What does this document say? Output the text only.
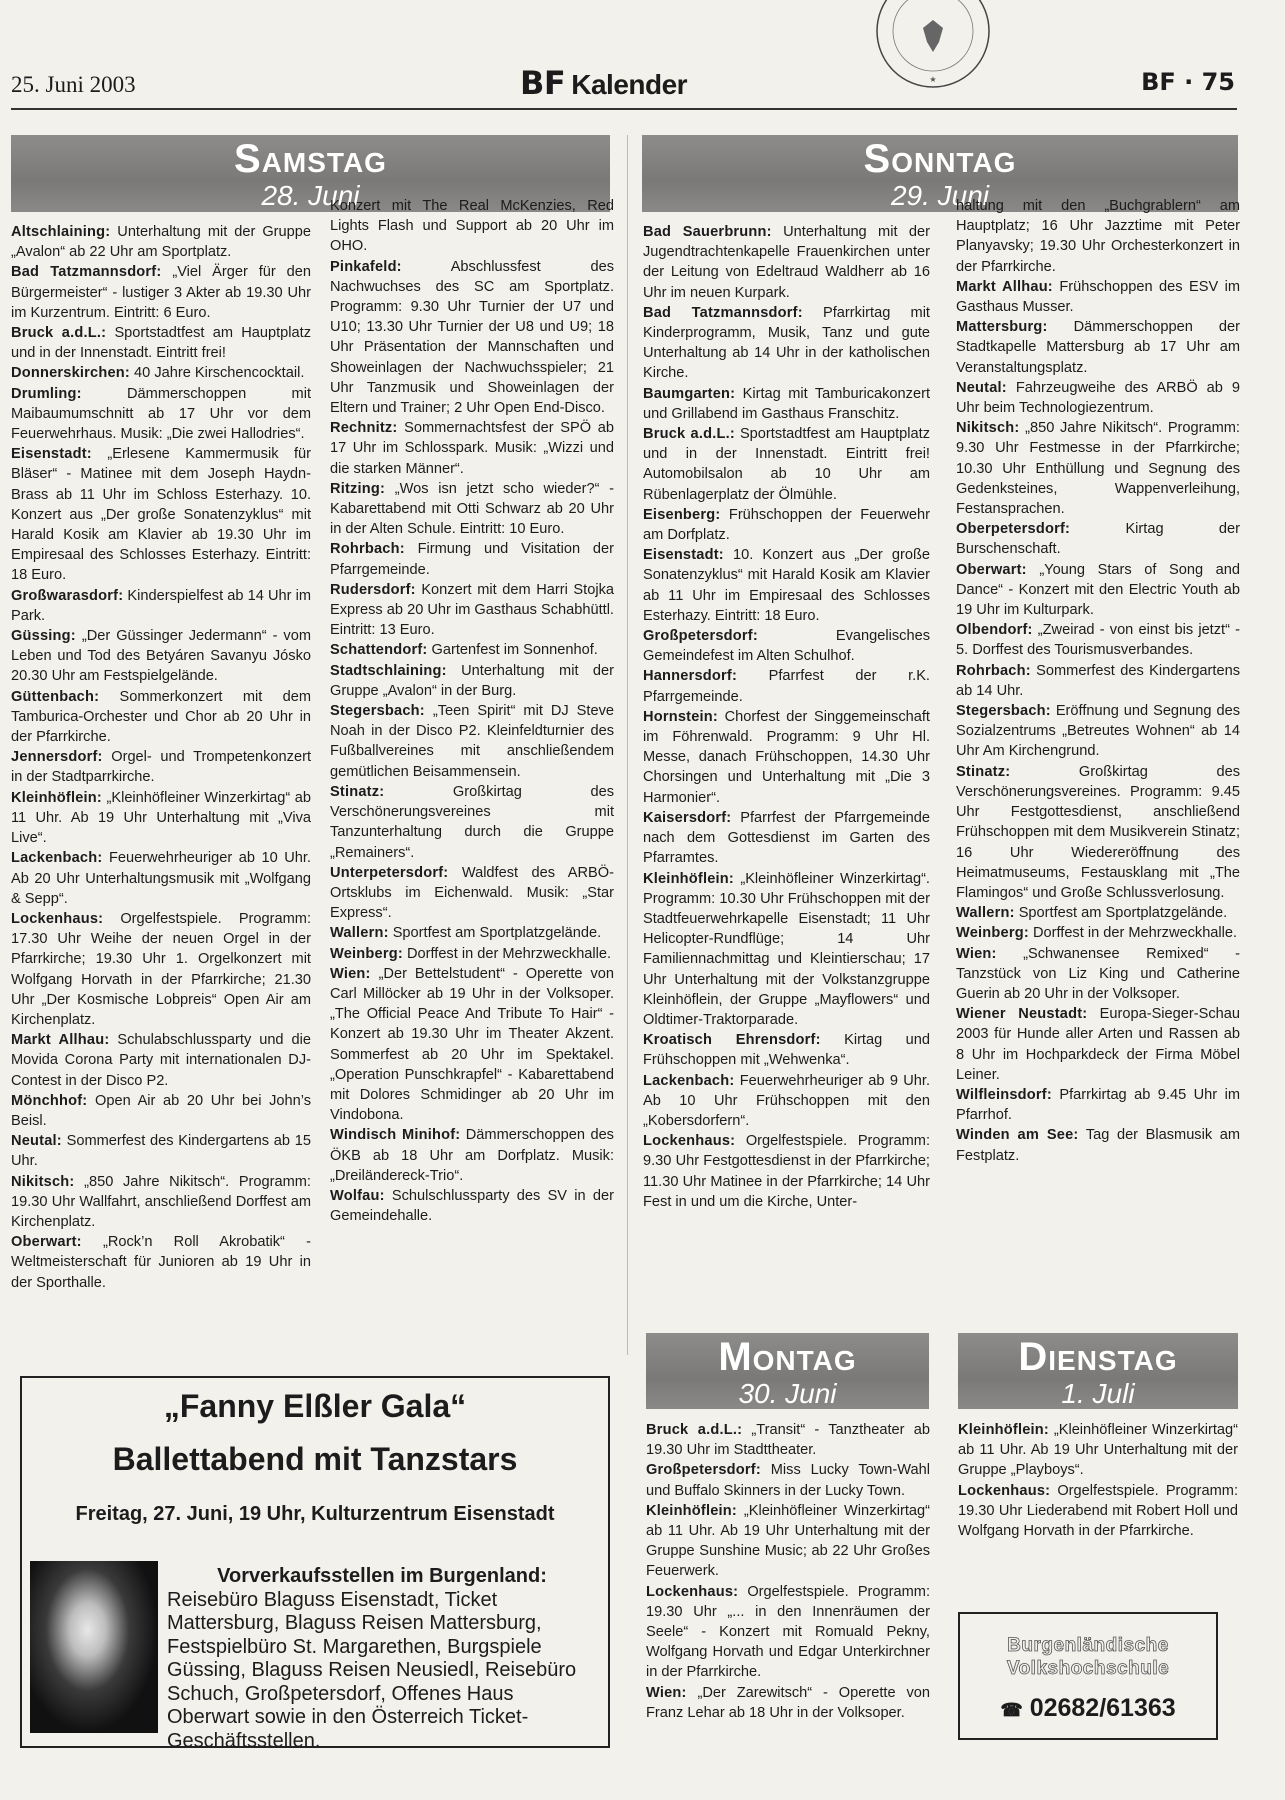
25. Juni 2003	BF Kalender	BF · 75
★
Samstag
28. Juni
Sonntag
29. Juni
Montag
30. Juni
Dienstag
1. Juli

Altschlaining: Unterhaltung mit der Gruppe „Avalon“ ab 22 Uhr am Sportplatz.

Bad Tatzmannsdorf: „Viel Ärger für den Bürgermeister“ - lustiger 3 Akter ab 19.30 Uhr im Kurzentrum. Eintritt: 6 Euro.

Bruck a.d.L.: Sportstadtfest am Hauptplatz und in der Innenstadt. Eintritt frei!

Donnerskirchen: 40 Jahre Kirschencocktail.

Drumling:	Dämmerschoppen mit Maibaumumschnitt ab 17 Uhr vor dem Feuerwehrhaus. Musik: „Die zwei Hallodries“.

Eisenstadt: „Erlesene Kammermusik für Bläser“ - Matinee mit dem Joseph Haydn-Brass ab 11 Uhr im Schloss Esterhazy. 10. Konzert aus „Der große Sonatenzyklus“ mit Harald Kosik am Klavier ab 19.30 Uhr im Empiresaal des Schlosses Esterhazy. Eintritt: 18 Euro.

Großwarasdorf: Kinderspielfest ab 14 Uhr im Park.

Güssing: „Der Güssinger Jedermann“ - vom Leben und Tod des Betyáren Savanyu Jósko 20.30 Uhr am Festspielgelände.

Güttenbach: Sommerkonzert mit dem Tamburica-Orchester und Chor ab 20 Uhr in der Pfarrkirche.

Jennersdorf: Orgel- und Trompetenkonzert in der Stadtparrkirche.

Kleinhöflein: „Kleinhöfleiner Winzerkirtag“ ab 11 Uhr. Ab 19 Uhr Unterhaltung mit „Viva Live“.

Lackenbach: Feuerwehrheuriger ab 10 Uhr. Ab 20 Uhr Unterhaltungsmusik mit „Wolfgang & Sepp“.

Lockenhaus: Orgelfestspiele. Programm: 17.30 Uhr Weihe der neuen Orgel in der Pfarrkirche; 19.30 Uhr 1. Orgelkonzert mit Wolfgang Horvath in der Pfarrkirche; 21.30 Uhr „Der Kosmische Lobpreis“ Open Air am Kirchenplatz.

Markt Allhau: Schulabschlussparty und die Movida Corona Party mit internationalen DJ-Contest in der Disco P2.

Mönchhof: Open Air ab 20 Uhr bei John’s Beisl.

Neutal: Sommerfest des Kindergartens ab 15 Uhr.

Nikitsch: „850 Jahre Nikitsch“. Programm: 19.30 Uhr Wallfahrt, anschließend Dorffest am Kirchenplatz.

Oberwart: „Rock’n Roll Akrobatik“ - Weltmeisterschaft für Junioren ab 19 Uhr in der Sporthalle.

Konzert mit The Real McKenzies, Red Lights Flash und Support ab 20 Uhr im OHO.

Pinkafeld:	Abschlussfest des Nachwuchses des SC am Sportplatz. Programm: 9.30 Uhr Turnier der U7 und U10; 13.30 Uhr Turnier der U8 und U9; 18 Uhr Präsentation der Mannschaften und Showeinlagen der Nachwuchsspieler; 21 Uhr Tanzmusik und Showeinlagen der Eltern und Trainer; 2 Uhr Open End-Disco.

Rechnitz: Sommernachtsfest der SPÖ ab 17 Uhr im Schlosspark. Musik: „Wizzi und die starken Männer“.

Ritzing: „Wos isn jetzt scho wieder?“ - Kabarettabend mit Otti Schwarz ab 20 Uhr in der Alten Schule. Eintritt: 10 Euro.

Rohrbach: Firmung und Visitation der Pfarrgemeinde.

Rudersdorf: Konzert mit dem Harri Stojka Express ab 20 Uhr im Gasthaus Schabhüttl. Eintritt: 13 Euro.

Schattendorf: Gartenfest im Sonnenhof.

Stadtschlaining: Unterhaltung mit der Gruppe „Avalon“ in der Burg.

Stegersbach: „Teen Spirit“ mit DJ Steve Noah in der Disco P2. Kleinfeldturnier des Fußballvereines mit anschließendem gemütlichen Beisammensein.

Stinatz:	Großkirtag des Verschönerungsvereines mit Tanzunterhaltung durch die Gruppe „Remainers“.

Unterpetersdorf: Waldfest des ARBÖ-Ortsklubs im Eichenwald. Musik: „Star Express“.

Wallern: Sportfest am Sportplatzgelände.

Weinberg: Dorffest in der Mehrzweckhalle.

Wien: „Der Bettelstudent“ - Operette von Carl Millöcker ab 19 Uhr in der Volksoper. „The Official Peace And Tribute To Hair“ - Konzert ab 19.30 Uhr im Theater Akzent. Sommerfest ab 20 Uhr im Spektakel. „Operation Punschkrapfel“ - Kabarettabend mit Dolores Schmidinger ab 20 Uhr im Vindobona.

Windisch Minihof: Dämmerschoppen des ÖKB ab 18 Uhr am Dorfplatz. Musik: „Dreiländereck-Trio“.

Wolfau: Schulschlussparty des SV in der Gemeindehalle.

Bad Sauerbrunn: Unterhaltung mit der Jugendtrachtenkapelle Frauenkirchen unter der Leitung von Edeltraud Waldherr ab 16 Uhr im neuen Kurpark.

Bad Tatzmannsdorf: Pfarrkirtag mit Kinderprogramm, Musik, Tanz und gute Unterhaltung ab 14 Uhr in der katholischen Kirche.

Baumgarten: Kirtag mit Tamburicakonzert und Grillabend im Gasthaus Franschitz.

Bruck a.d.L.: Sportstadtfest am Hauptplatz und in der Innenstadt. Eintritt frei! Automobilsalon ab 10 Uhr am Rübenlagerplatz der Ölmühle.

Eisenberg: Frühschoppen der Feuerwehr am Dorfplatz.

Eisenstadt: 10. Konzert aus „Der große Sonatenzyklus“ mit Harald Kosik am Klavier ab 11 Uhr im Empiresaal des Schlosses Esterhazy. Eintritt: 18 Euro.

Großpetersdorf:	Evangelisches Gemeindefest im Alten Schulhof.

Hannersdorf: Pfarrfest der r.K. Pfarrgemeinde.

Hornstein: Chorfest der Singgemeinschaft im Föhrenwald. Programm: 9 Uhr Hl. Messe, danach Frühschoppen, 14.30 Uhr Chorsingen und Unterhaltung mit „Die 3 Harmonier“.

Kaisersdorf: Pfarrfest der Pfarrgemeinde nach dem Gottesdienst im Garten des Pfarramtes.

Kleinhöflein: „Kleinhöfleiner Winzerkirtag“. Programm: 10.30 Uhr Frühschoppen mit der Stadtfeuerwehrkapelle Eisenstadt; 11 Uhr Helicopter-Rundflüge; 14 Uhr Familiennachmittag und Kleintierschau; 17 Uhr Unterhaltung mit der Volkstanzgruppe Kleinhöflein, der Gruppe „Mayflowers“ und Oldtimer-Traktorparade.

Kroatisch Ehrensdorf: Kirtag und Frühschoppen mit „Wehwenka“.

Lackenbach: Feuerwehrheuriger ab 9 Uhr. Ab 10 Uhr Frühschoppen mit den „Kobersdorfern“.

Lockenhaus: Orgelfestspiele. Programm: 9.30 Uhr Festgottesdienst in der Pfarrkirche; 11.30 Uhr Matinee in der Pfarrkirche; 14 Uhr Fest in und um die Kirche, Unter-

haltung mit den „Buchgrablern“ am Hauptplatz; 16 Uhr Jazztime mit Peter Planyavsky; 19.30 Uhr Orchesterkonzert in der Pfarrkirche.

Markt Allhau: Frühschoppen des ESV im Gasthaus Musser.

Mattersburg: Dämmerschoppen der Stadtkapelle Mattersburg ab 17 Uhr am Veranstaltungsplatz.

Neutal: Fahrzeugweihe des ARBÖ ab 9 Uhr beim Technologiezentrum.

Nikitsch: „850 Jahre Nikitsch“. Programm: 9.30 Uhr Festmesse in der Pfarrkirche; 10.30 Uhr Enthüllung und Segnung des Gedenksteines, Wappenverleihung, Festansprachen.

Oberpetersdorf:	Kirtag der Burschenschaft.

Oberwart: „Young Stars of Song and Dance“ - Konzert mit den Electric Youth ab 19 Uhr im Kulturpark.

Olbendorf: „Zweirad - von einst bis jetzt“ - 5. Dorffest des Tourismusverbandes.

Rohrbach: Sommerfest des Kindergartens ab 14 Uhr.

Stegersbach: Eröffnung und Segnung des Sozialzentrums „Betreutes Wohnen“ ab 14 Uhr Am Kirchengrund.

Stinatz:	Großkirtag des Verschönerungsvereines. Programm: 9.45 Uhr Festgottesdienst, anschließend Frühschoppen mit dem Musikverein Stinatz; 16 Uhr Wiedereröffnung des Heimatmuseums, Festausklang mit „The Flamingos“ und Große Schlussverlosung.

Wallern: Sportfest am Sportplatzgelände.

Weinberg: Dorffest in der Mehrzweckhalle.

Wien: „Schwanensee Remixed“ - Tanzstück von Liz King und Catherine Guerin ab 20 Uhr in der Volksoper.

Wiener Neustadt: Europa-Sieger-Schau 2003 für Hunde aller Arten und Rassen ab 8 Uhr im Hochparkdeck der Firma Möbel Leiner.

Wilfleinsdorf: Pfarrkirtag ab 9.45 Uhr im Pfarrhof.

Winden am See: Tag der Blasmusik am Festplatz.

Bruck a.d.L.: „Transit“ - Tanztheater ab 19.30 Uhr im Stadttheater.

Großpetersdorf: Miss Lucky Town-Wahl und Buffalo Skinners in der Lucky Town.

Kleinhöflein: „Kleinhöfleiner Winzerkirtag“ ab 11 Uhr. Ab 19 Uhr Unterhaltung mit der Gruppe Sunshine Music; ab 22 Uhr Großes Feuerwerk.

Lockenhaus: Orgelfestspiele. Programm: 19.30 Uhr „... in den Innenräumen der Seele“ - Konzert mit Romuald Pekny, Wolfgang Horvath und Edgar Unterkirchner in der Pfarrkirche.

Wien: „Der Zarewitsch“ - Operette von Franz Lehar ab 18 Uhr in der Volksoper.

Kleinhöflein: „Kleinhöfleiner Winzerkirtag“ ab 11 Uhr. Ab 19 Uhr Unterhaltung mit der Gruppe „Playboys“.

Lockenhaus: Orgelfestspiele. Programm: 19.30 Uhr Liederabend mit Robert Holl und Wolfgang Horvath in der Pfarrkirche.

„Fanny Elßler Gala“
Ballettabend mit Tanzstars
Freitag, 27. Juni, 19 Uhr, Kulturzentrum Eisenstadt
Vorverkaufsstellen im Burgenland:
Reisebüro Blaguss Eisenstadt, Ticket Mattersburg, Blaguss Reisen Mattersburg, Festspielbüro St. Margarethen, Burgspiele Güssing, Blaguss Reisen Neusiedl, Reisebüro Schuch, Großpetersdorf, Offenes Haus Oberwart sowie in den Österreich Ticket-Geschäftsstellen.
Burgenländische
Volkshochschule
☎ 02682/61363
